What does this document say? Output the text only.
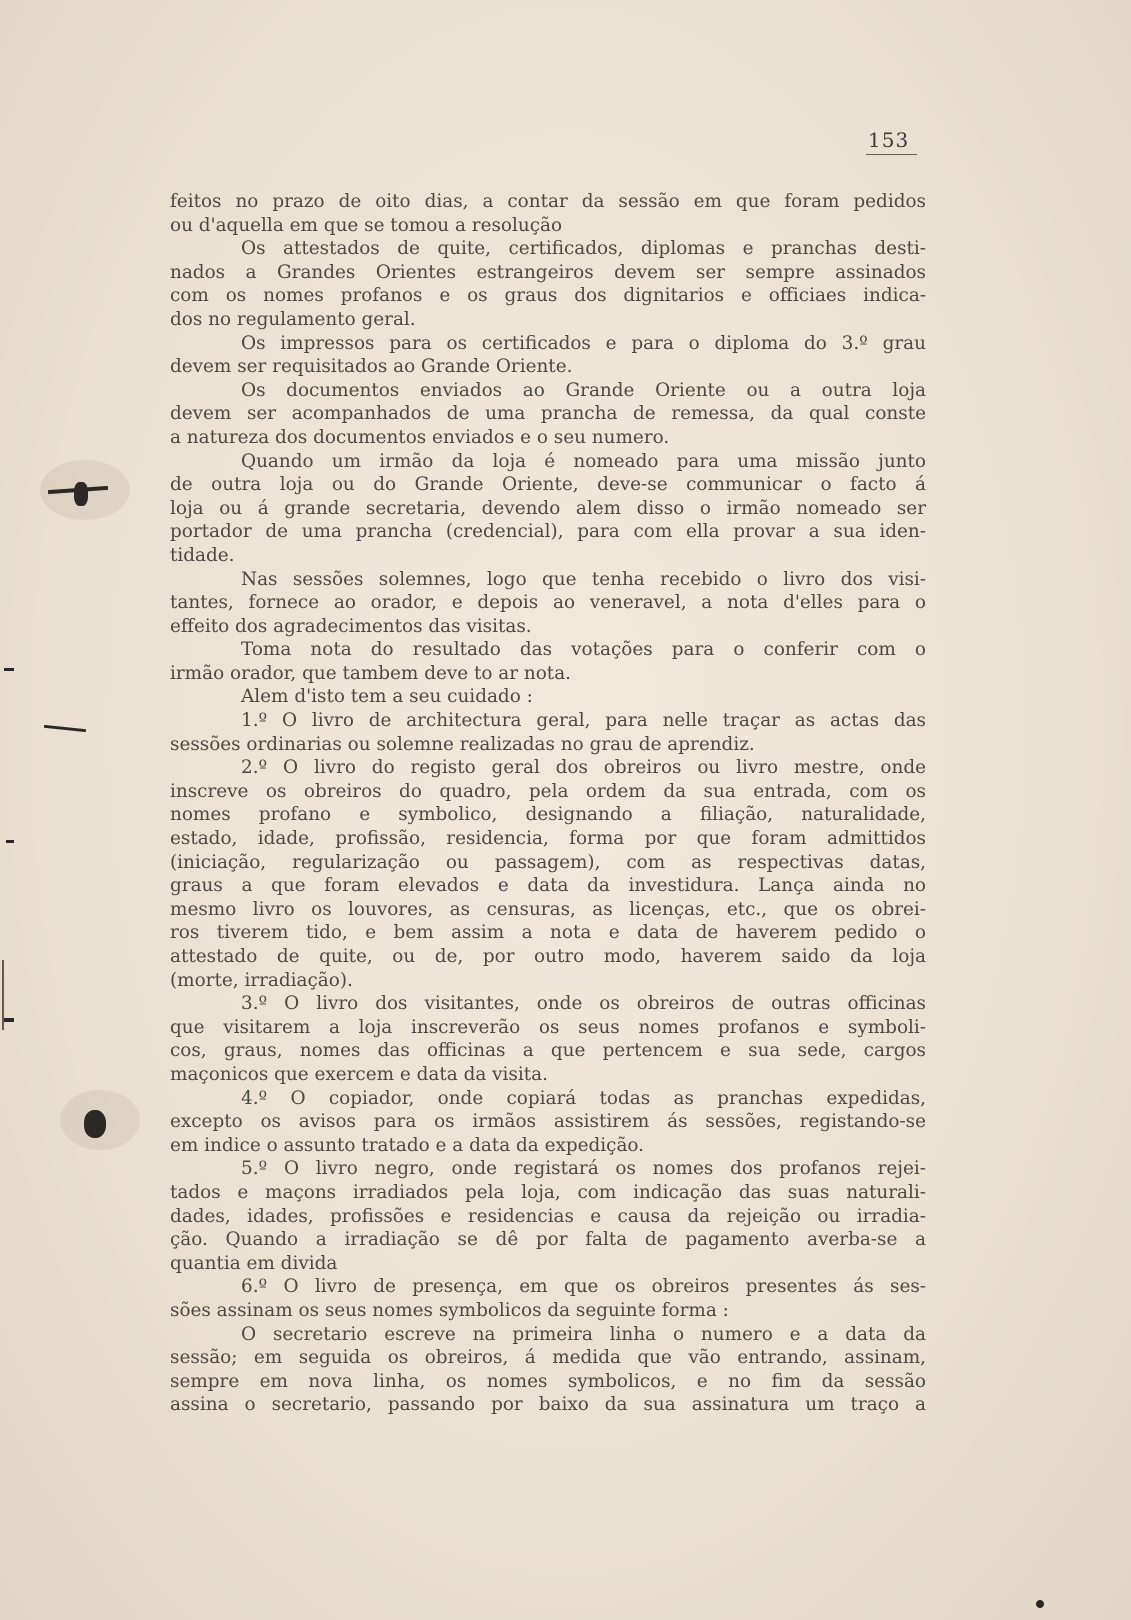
153
feitos no prazo de oito dias, a contar da sessão em que foram pedidos
ou d'aquella em que se tomou a resolução
Os attestados de quite, certificados, diplomas e pranchas desti-
nados a Grandes Orientes estrangeiros devem ser sempre assinados
com os nomes profanos e os graus dos dignitarios e officiaes indica-
dos no regulamento geral.
Os impressos para os certificados e para o diploma do 3.º grau
devem ser requisitados ao Grande Oriente.
Os documentos enviados ao Grande Oriente ou a outra loja
devem ser acompanhados de uma prancha de remessa, da qual conste
a natureza dos documentos enviados e o seu numero.
Quando um irmão da loja é nomeado para uma missão junto
de outra loja ou do Grande Oriente, deve-se communicar o facto á
loja ou á grande secretaria, devendo alem disso o irmão nomeado ser
portador de uma prancha (credencial), para com ella provar a sua iden-
tidade.
Nas sessões solemnes, logo que tenha recebido o livro dos visi-
tantes, fornece ao orador, e depois ao veneravel, a nota d'elles para o
effeito dos agradecimentos das visitas.
Toma nota do resultado das votações para o conferir com o
irmão orador, que tambem deve to ar nota.
Alem d'isto tem a seu cuidado :
1.º O livro de architectura geral, para nelle traçar as actas das
sessões ordinarias ou solemne realizadas no grau de aprendiz.
2.º O livro do registo geral dos obreiros ou livro mestre, onde
inscreve os obreiros do quadro, pela ordem da sua entrada, com os
nomes profano e symbolico, designando a filiação, naturalidade,
estado, idade, profissão, residencia, forma por que foram admittidos
(iniciação, regularização ou passagem), com as respectivas datas,
graus a que foram elevados e data da investidura. Lança ainda no
mesmo livro os louvores, as censuras, as licenças, etc., que os obrei-
ros tiverem tido, e bem assim a nota e data de haverem pedido o
attestado de quite, ou de, por outro modo, haverem saido da loja
(morte, irradiação).
3.º O livro dos visitantes, onde os obreiros de outras officinas
que visitarem a loja inscreverão os seus nomes profanos e symboli-
cos, graus, nomes das officinas a que pertencem e sua sede, cargos
maçonicos que exercem e data da visita.
4.º O copiador, onde copiará todas as pranchas expedidas,
excepto os avisos para os irmãos assistirem ás sessões, registando-se
em indice o assunto tratado e a data da expedição.
5.º O livro negro, onde registará os nomes dos profanos rejei-
tados e maçons irradiados pela loja, com indicação das suas naturali-
dades, idades, profissões e residencias e causa da rejeição ou irradia-
ção. Quando a irradiação se dê por falta de pagamento averba-se a
quantia em divida
6.º O livro de presença, em que os obreiros presentes ás ses-
sões assinam os seus nomes symbolicos da seguinte forma :
O secretario escreve na primeira linha o numero e a data da
sessão; em seguida os obreiros, á medida que vão entrando, assinam,
sempre em nova linha, os nomes symbolicos, e no fim da sessão
assina o secretario, passando por baixo da sua assinatura um traço a
